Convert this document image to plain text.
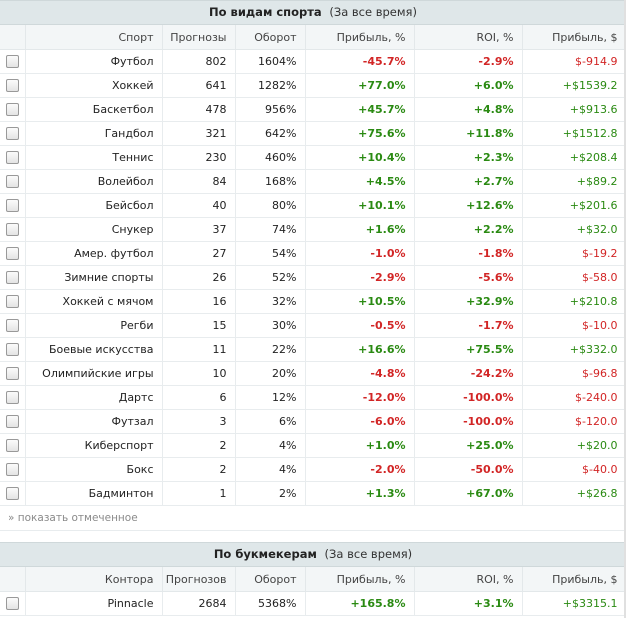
По видам спорта (За все время)
	Спорт	Прогнозы	Оборот	Прибыль, %	ROI, %	Прибыль, $
	Футбол	802	1604%	-45.7%	-2.9%	$-914.9
	Хоккей	641	1282%	+77.0%	+6.0%	+$1539.2
	Баскетбол	478	956%	+45.7%	+4.8%	+$913.6
	Гандбол	321	642%	+75.6%	+11.8%	+$1512.8
	Теннис	230	460%	+10.4%	+2.3%	+$208.4
	Волейбол	84	168%	+4.5%	+2.7%	+$89.2
	Бейсбол	40	80%	+10.1%	+12.6%	+$201.6
	Снукер	37	74%	+1.6%	+2.2%	+$32.0
	Амер. футбол	27	54%	-1.0%	-1.8%	$-19.2
	Зимние спорты	26	52%	-2.9%	-5.6%	$-58.0
	Хоккей с мячом	16	32%	+10.5%	+32.9%	+$210.8
	Регби	15	30%	-0.5%	-1.7%	$-10.0
	Боевые искусства	11	22%	+16.6%	+75.5%	+$332.0
	Олимпийские игры	10	20%	-4.8%	-24.2%	$-96.8
	Дартс	6	12%	-12.0%	-100.0%	$-240.0
	Футзал	3	6%	-6.0%	-100.0%	$-120.0
	Киберспорт	2	4%	+1.0%	+25.0%	+$20.0
	Бокс	2	4%	-2.0%	-50.0%	$-40.0
	Бадминтон	1	2%	+1.3%	+67.0%	+$26.8
» показать отмеченное
По букмекерам (За все время)
	Контора	Прогнозов	Оборот	Прибыль, %	ROI, %	Прибыль, $
	Pinnacle	2684	5368%	+165.8%	+3.1%	+$3315.1
